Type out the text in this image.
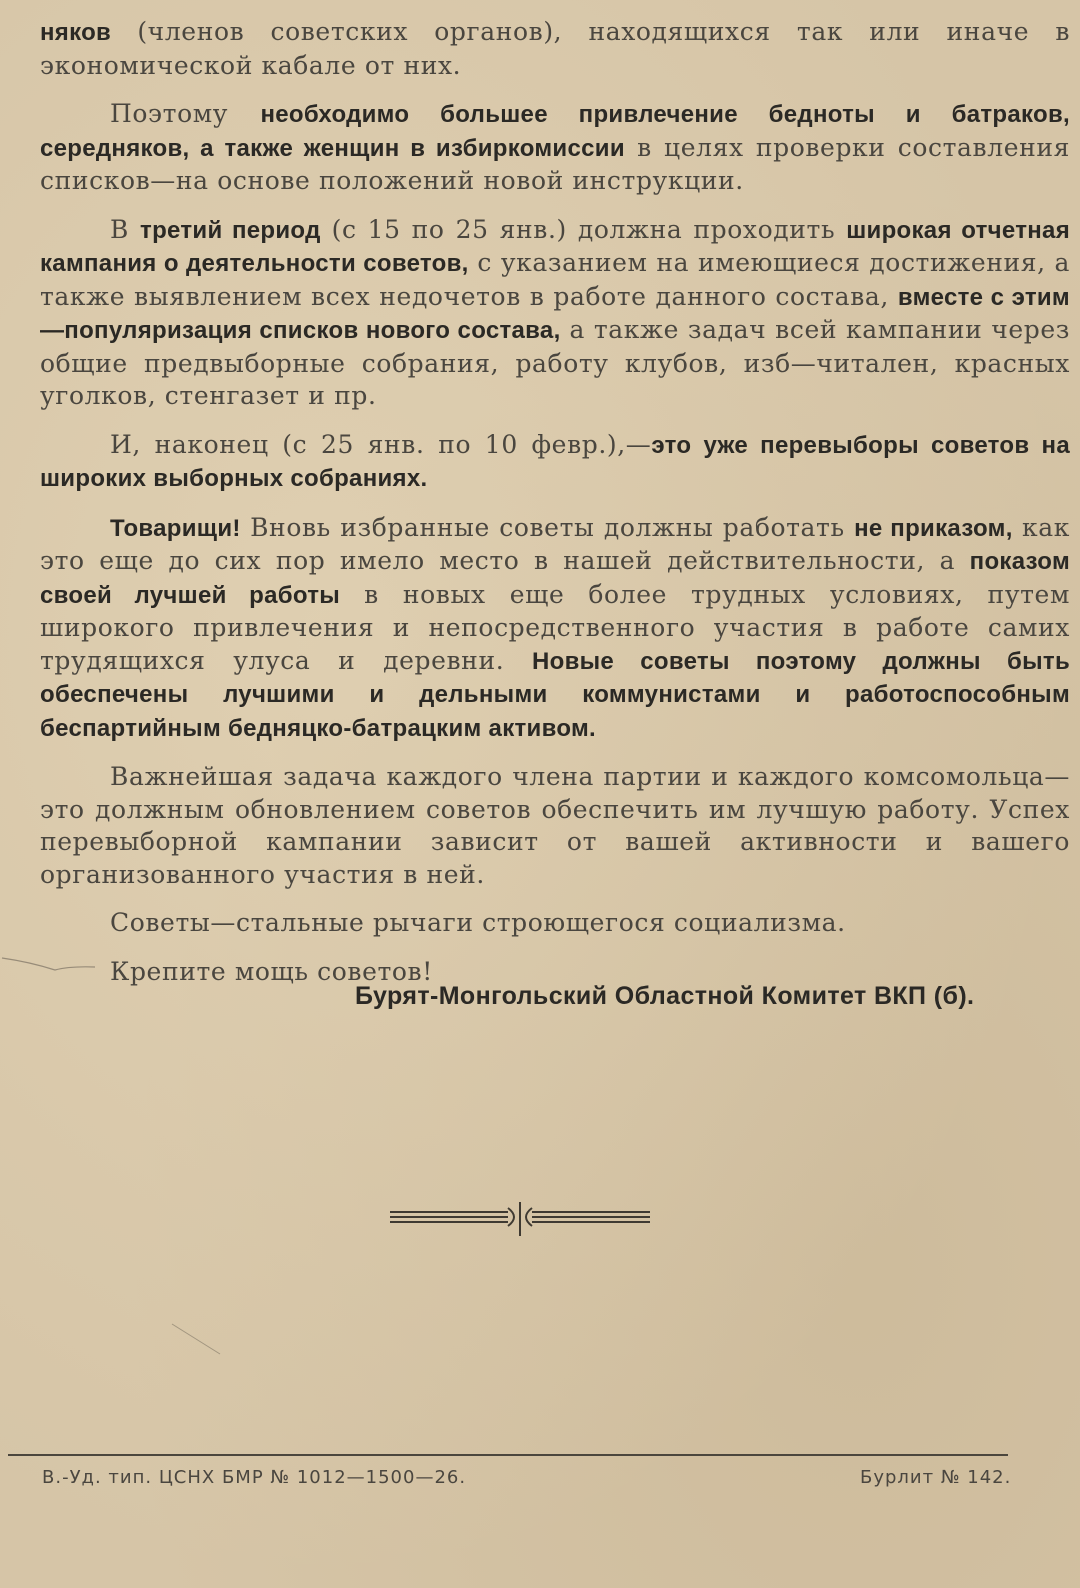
няков (членов советских органов), находящихся так или иначе в экономической кабале от них.

Поэтому необходимо большее привлечение бедноты и батраков, середняков, а также женщин в избиркомиссии в целях проверки составления списков—на основе положений новой инструкции.

В третий период (с 15 по 25 янв.) должна проходить широкая отчетная кампания о деятельности советов, с указанием на имеющиеся достижения, а также выявлением всех недочетов в работе данного состава, вместе с этим—популяризация списков нового состава, а также задач всей кампании через общие предвыборные собрания, работу клубов, изб—читален, красных уголков, стенгазет и пр.

И, наконец (с 25 янв. по 10 февр.),—это уже перевыборы советов на широких выборных собраниях.

Товарищи! Вновь избранные советы должны работать не приказом, как это еще до сих пор имело место в нашей действительности, а показом своей лучшей работы в новых еще более трудных условиях, путем широкого привлечения и непосредственного участия в работе самих трудящихся улуса и деревни. Новые советы поэтому должны быть обеспечены лучшими и дельными коммунистами и работоспособным беспартийным бедняцко-батрацким активом.

Важнейшая задача каждого члена партии и каждого комсомольца—это должным обновлением советов обеспечить им лучшую работу. Успех перевыборной кампании зависит от вашей активности и вашего организованного участия в ней.

Советы—стальные рычаги строющегося социализма.

Крепите мощь советов!

Бурят-Монгольский Областной Комитет ВКП (б).
В.-Уд. тип. ЦСНХ БМР № 1012—1500—26.	Бурлит № 142.
